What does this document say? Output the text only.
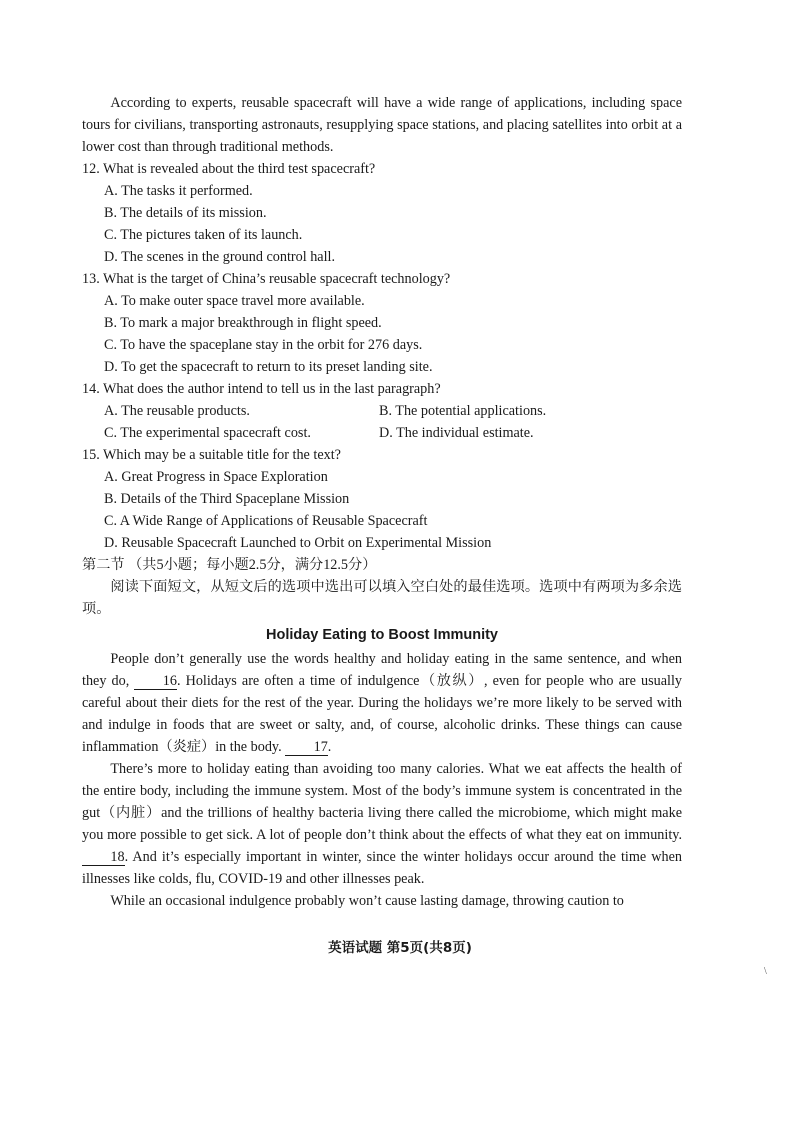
According to experts, reusable spacecraft will have a wide range of applications, including space tours for civilians, transporting astronauts, resupplying space stations, and placing satellites into orbit at a lower cost than through traditional methods.

12. What is revealed about the third test spacecraft?

A. The tasks it performed.

B. The details of its mission.

C. The pictures taken of its launch.

D. The scenes in the ground control hall.

13. What is the target of China’s reusable spacecraft technology?

A. To make outer space travel more available.

B. To mark a major breakthrough in flight speed.

C. To have the spaceplane stay in the orbit for 276 days.

D. To get the spacecraft to return to its preset landing site.

14. What does the author intend to tell us in the last paragraph?

A. The reusable products.	B. The potential applications.
C. The experimental spacecraft cost.	D. The individual estimate.

15. Which may be a suitable title for the text?

A. Great Progress in Space Exploration

B. Details of the Third Spaceplane Mission

C. A Wide Range of Applications of Reusable Spacecraft

D. Reusable Spacecraft Launched to Orbit on Experimental Mission

第二节 （共5小题；每小题2.5分，满分12.5分）

阅读下面短文，从短文后的选项中选出可以填入空白处的最佳选项。选项中有两项为多余选项。

Holiday Eating to Boost Immunity

People don’t generally use the words healthy and holiday eating in the same sentence, and when they do, 16. Holidays are often a time of indulgence（放纵）, even for people who are usually careful about their diets for the rest of the year. During the holidays we’re more likely to be served with and indulge in foods that are sweet or salty, and, of course, alcoholic drinks. These things can cause inflammation（炎症）in the body. 17.

There’s more to holiday eating than avoiding too many calories. What we eat affects the health of the entire body, including the immune system. Most of the body’s immune system is concentrated in the gut（内脏）and the trillions of healthy bacteria living there called the microbiome, which might make you more possible to get sick. A lot of people don’t think about the effects of what they eat on immunity. 18. And it’s especially important in winter, since the winter holidays occur around the time when illnesses like colds, flu, COVID-19 and other illnesses peak.

While an occasional indulgence probably won’t cause lasting damage, throwing caution to

英语试题 第5页(共8页)
\
